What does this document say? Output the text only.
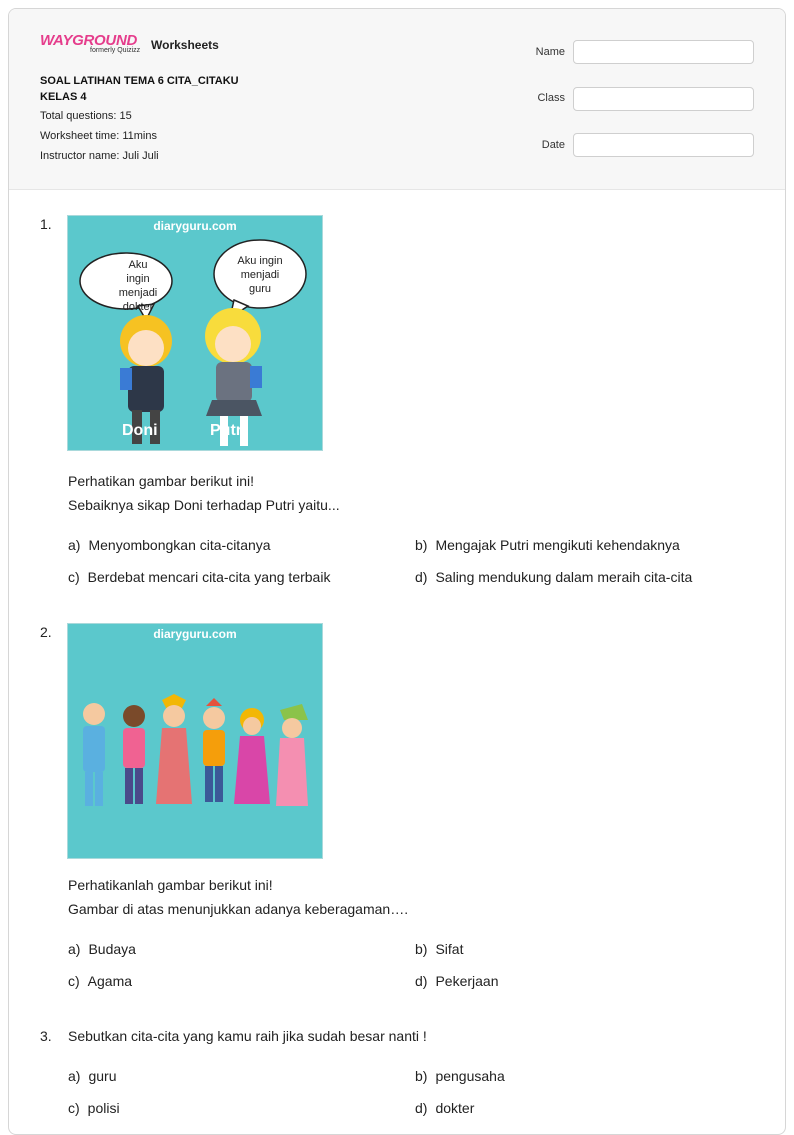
WAYGROUND
formerly Quizizz Worksheets
SOAL LATIHAN TEMA 6 CITA_CITAKU
KELAS 4
Total questions: 15
Worksheet time: 11mins
Instructor name: Juli Juli
Name
Class
Date
1.	diaryguru.com
Aku ingin
menjadi
dokter
Aku ingin
menjadi
guru
Doni	Putri
Perhatikan gambar berikut ini!
Sebaiknya sikap Doni terhadap Putri yaitu...
a) Menyombongkan cita-citanya	b) Mengajak Putri mengikuti kehendaknya
c) Berdebat mencari cita-cita yang terbaik	d) Saling mendukung dalam meraih cita-cita
2.	diaryguru.com
Perhatikanlah gambar berikut ini!
Gambar di atas menunjukkan adanya keberagaman….
a) Budaya	b) Sifat
c) Agama	d) Pekerjaan
3. Sebutkan cita-cita yang kamu raih jika sudah besar nanti !
a) guru	b) pengusaha
c) polisi	d) dokter
